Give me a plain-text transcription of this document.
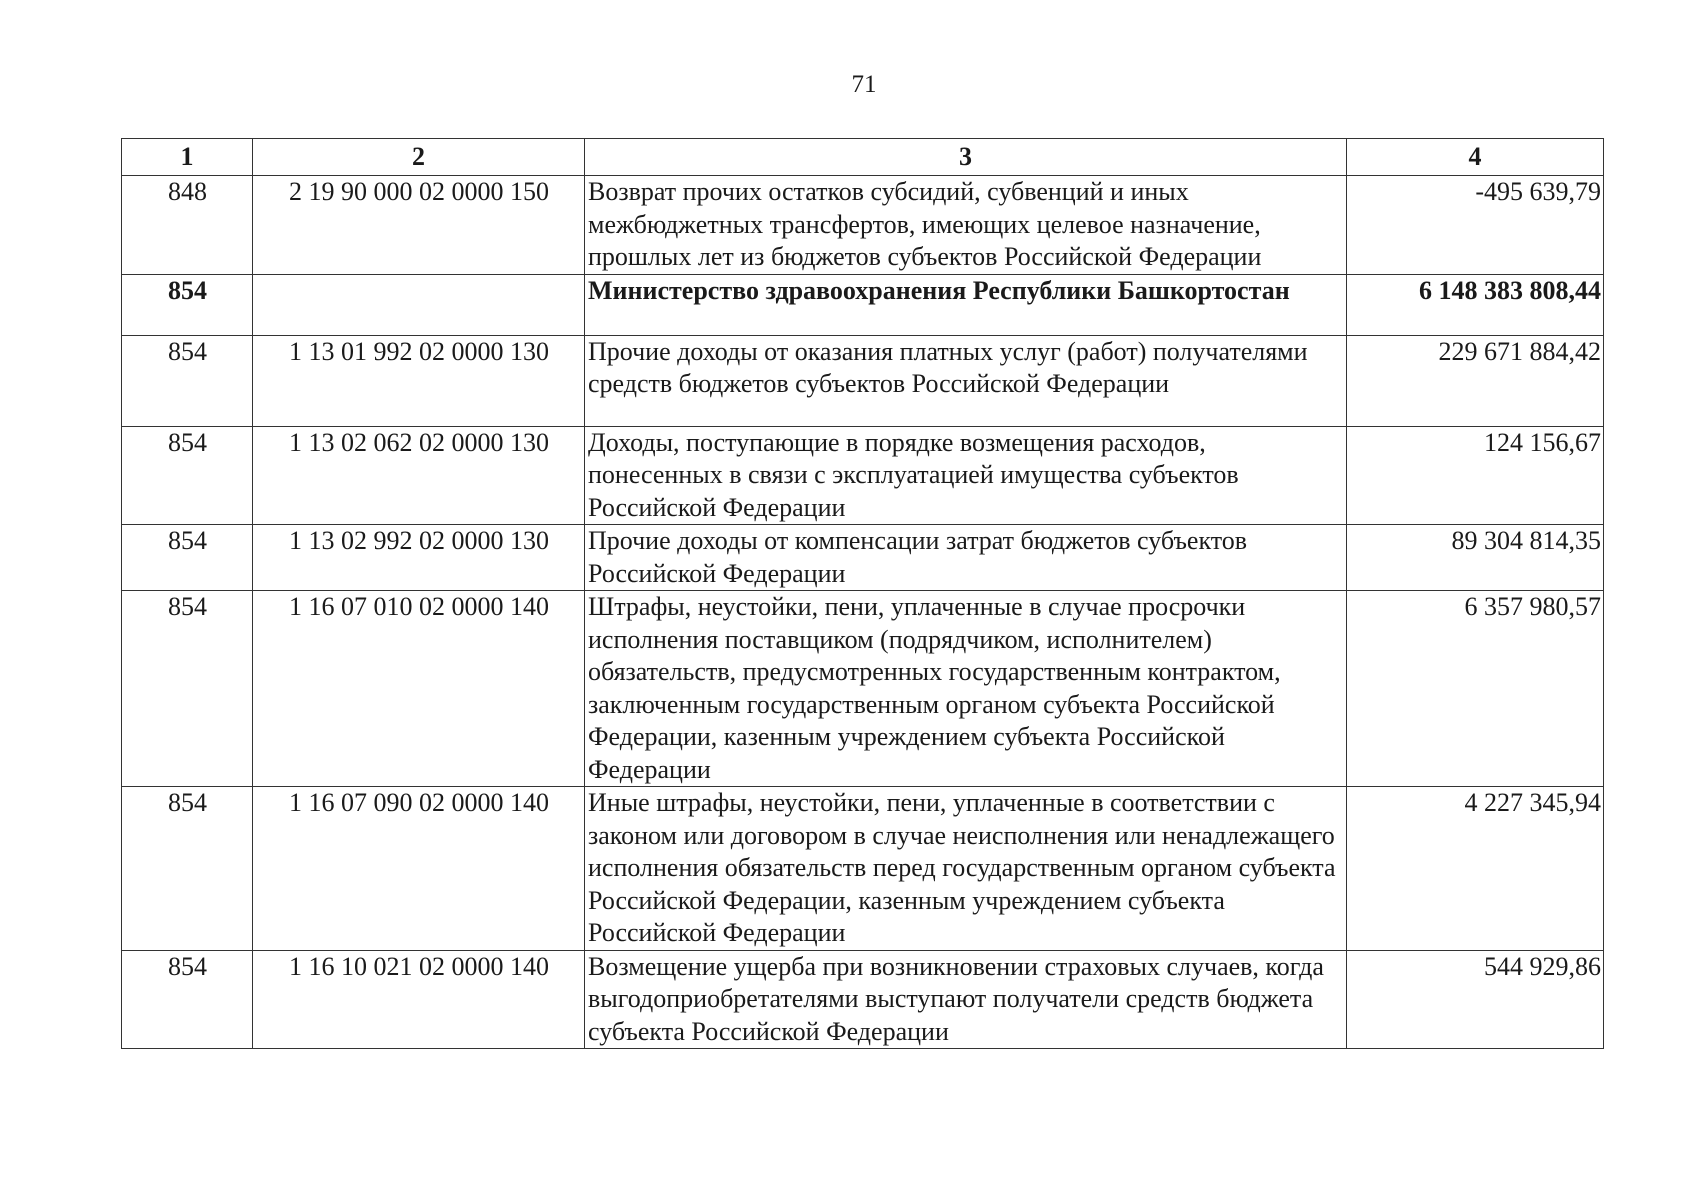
71
1	2	3	4
848	2 19 90 000 02 0000 150	Возврат прочих остатков субсидий, субвенций и иных межбюджетных трансфертов, имеющих целевое назначение, прошлых лет из бюджетов субъектов Российской Федерации	-495 639,79
854		Министерство здравоохранения Республики Башкортостан	6 148 383 808,44
854	1 13 01 992 02 0000 130	Прочие доходы от оказания платных услуг (работ) получателями средств бюджетов субъектов Российской Федерации	229 671 884,42
854	1 13 02 062 02 0000 130	Доходы, поступающие в порядке возмещения расходов, понесенных в связи с эксплуатацией имущества субъектов Российской Федерации	124 156,67
854	1 13 02 992 02 0000 130	Прочие доходы от компенсации затрат бюджетов субъектов Российской Федерации	89 304 814,35
854	1 16 07 010 02 0000 140	Штрафы, неустойки, пени, уплаченные в случае просрочки исполнения поставщиком (подрядчиком, исполнителем) обязательств, предусмотренных государственным контрактом, заключенным государственным органом субъекта Российской Федерации, казенным учреждением субъекта Российской Федерации	6 357 980,57
854	1 16 07 090 02 0000 140	Иные штрафы, неустойки, пени, уплаченные в соответствии с законом или договором в случае неисполнения или ненадлежащего исполнения обязательств перед государственным органом субъекта Российской Федерации, казенным учреждением субъекта Российской Федерации	4 227 345,94
854	1 16 10 021 02 0000 140	Возмещение ущерба при возникновении страховых случаев, когда выгодоприобретателями выступают получатели средств бюджета субъекта Российской Федерации	544 929,86
